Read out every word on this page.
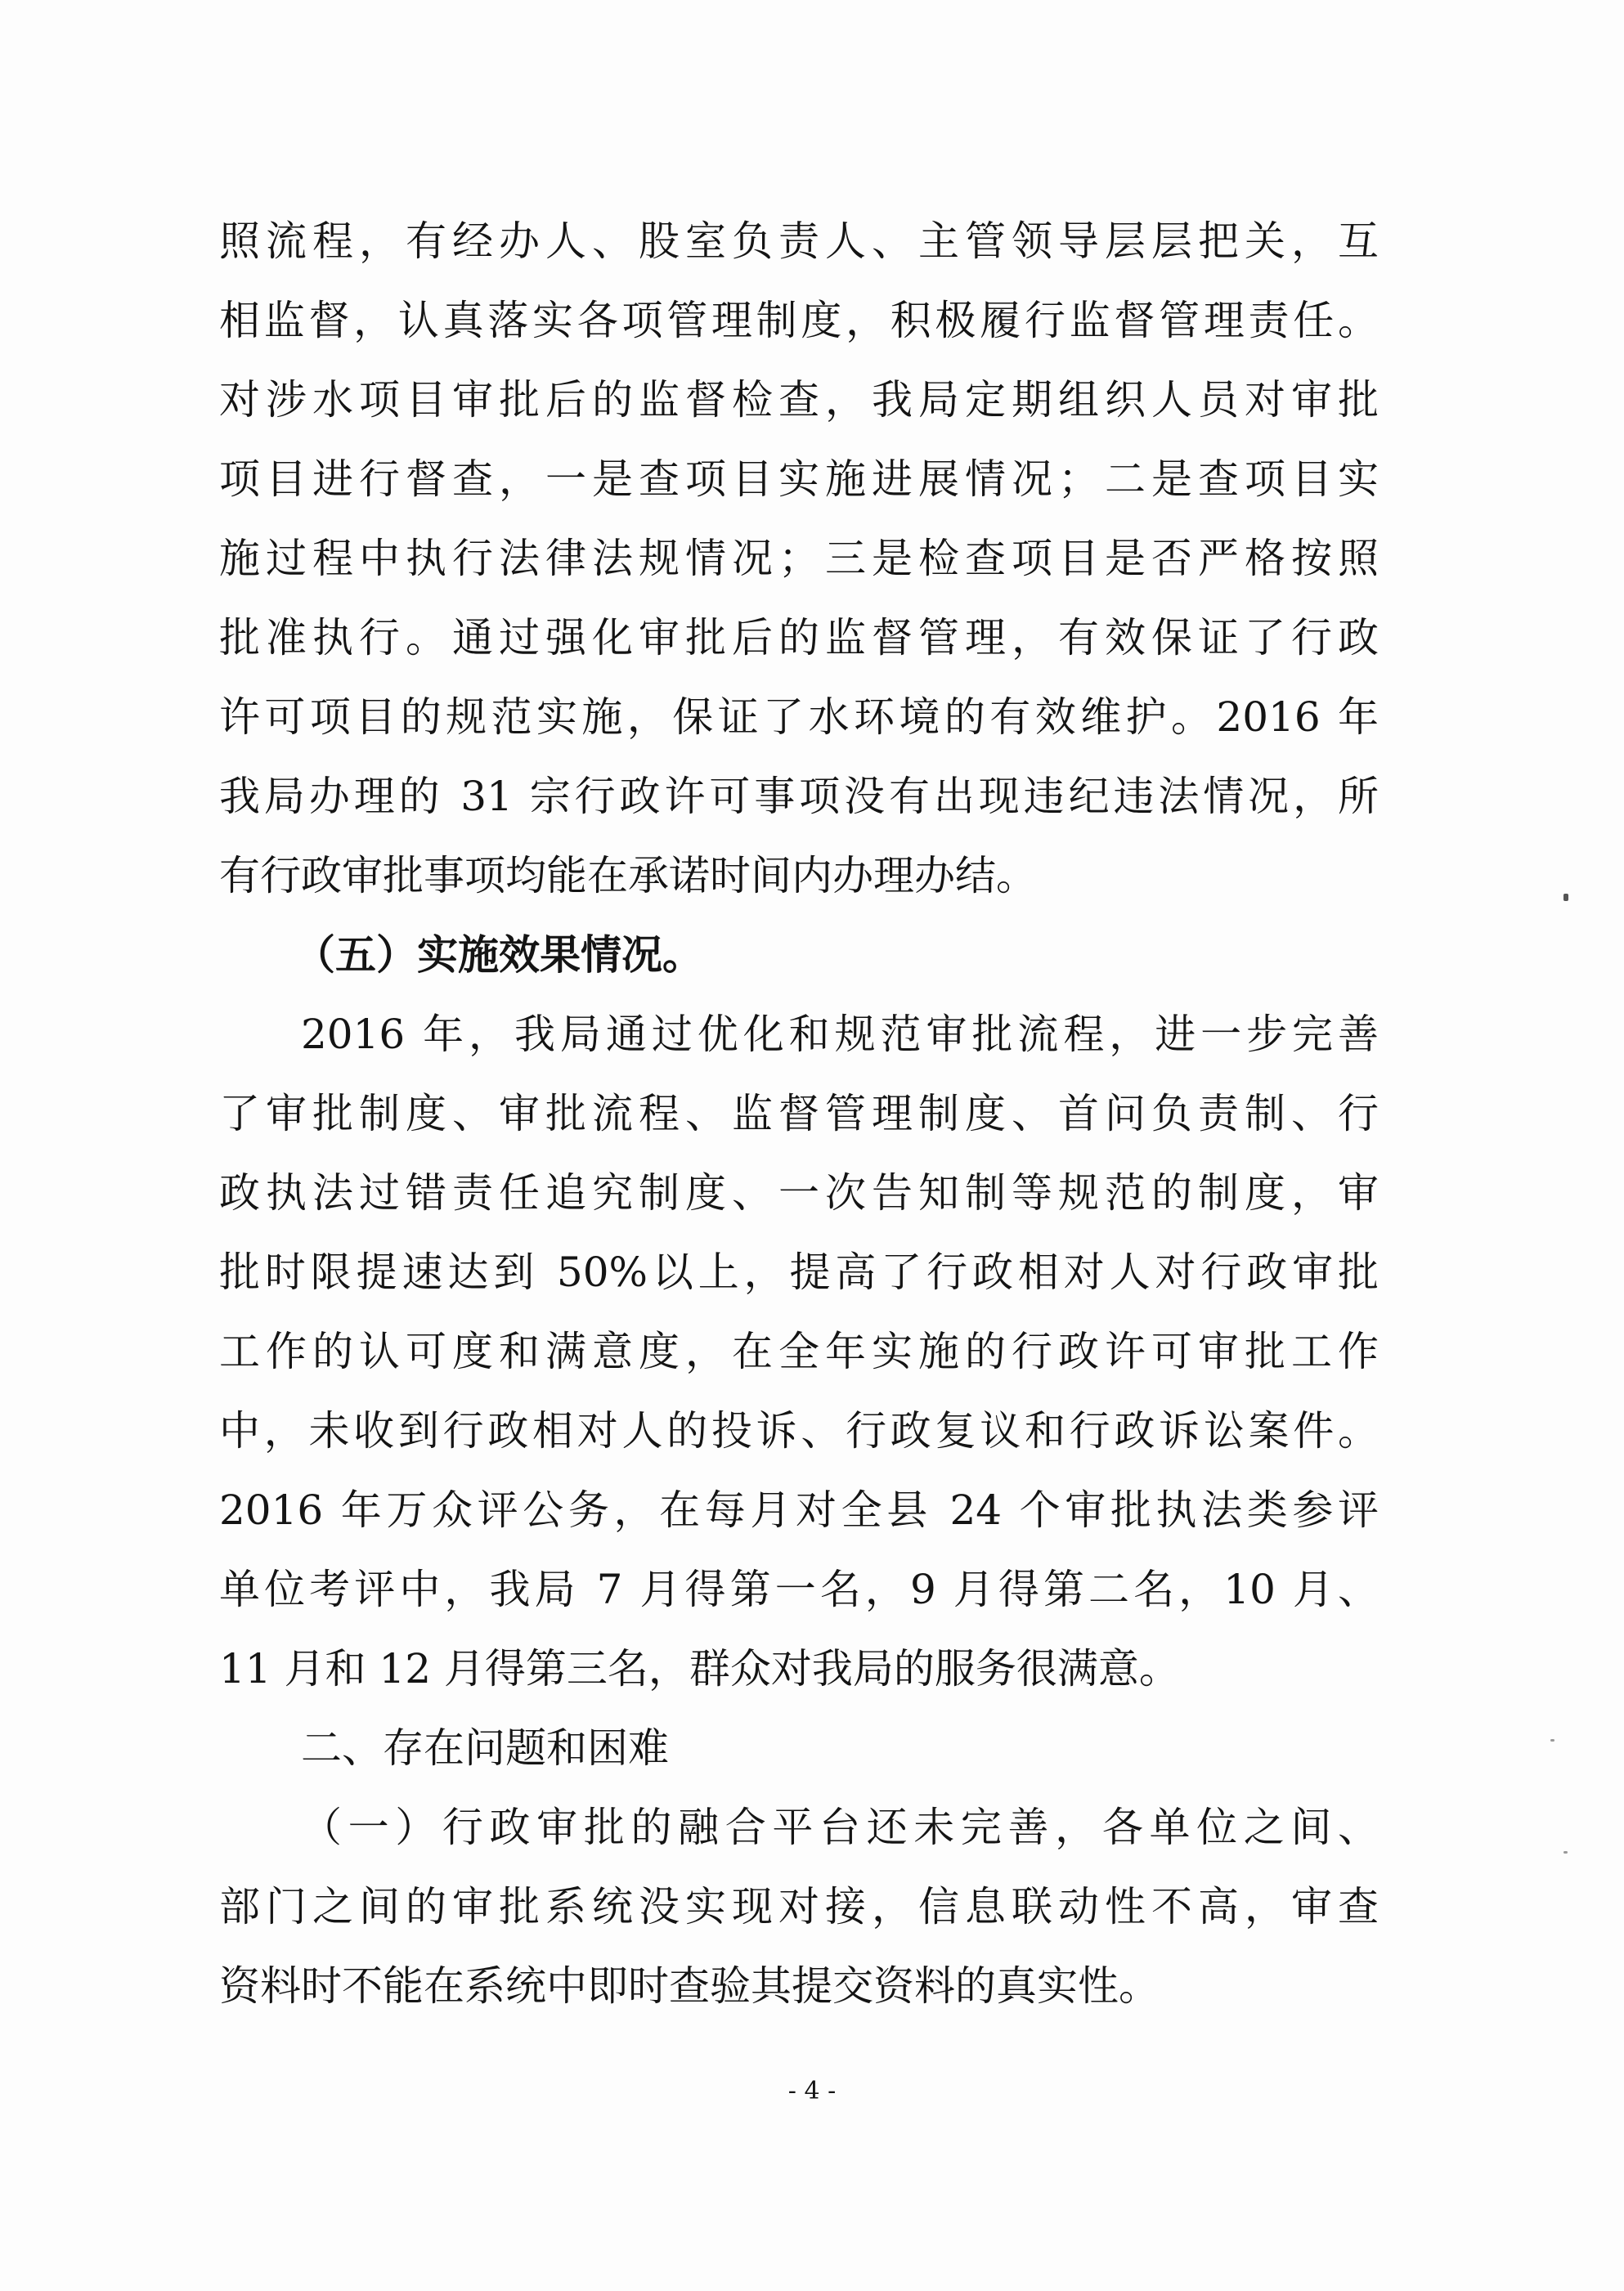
照流程，有经办人、股室负责人、主管领导层层把关，互
相监督，认真落实各项管理制度，积极履行监督管理责任。
对涉水项目审批后的监督检查，我局定期组织人员对审批
项目进行督查，一是查项目实施进展情况；二是查项目实
施过程中执行法律法规情况；三是检查项目是否严格按照
批准执行。通过强化审批后的监督管理，有效保证了行政
许可项目的规范实施，保证了水环境的有效维护。2016 年
我局办理的 31 宗行政许可事项没有出现违纪违法情况，所
有行政审批事项均能在承诺时间内办理办结。
（五）实施效果情况。
2016 年，我局通过优化和规范审批流程，进一步完善
了审批制度、审批流程、监督管理制度、首问负责制、行
政执法过错责任追究制度、一次告知制等规范的制度，审
批时限提速达到 50%以上，提高了行政相对人对行政审批
工作的认可度和满意度，在全年实施的行政许可审批工作
中，未收到行政相对人的投诉、行政复议和行政诉讼案件。
2016 年万众评公务，在每月对全县 24 个审批执法类参评
单位考评中，我局 7 月得第一名，9 月得第二名，10 月、
11 月和 12 月得第三名，群众对我局的服务很满意。
二、存在问题和困难
（一）行政审批的融合平台还未完善，各单位之间、
部门之间的审批系统没实现对接，信息联动性不高，审查
资料时不能在系统中即时查验其提交资料的真实性。
- 4 -
